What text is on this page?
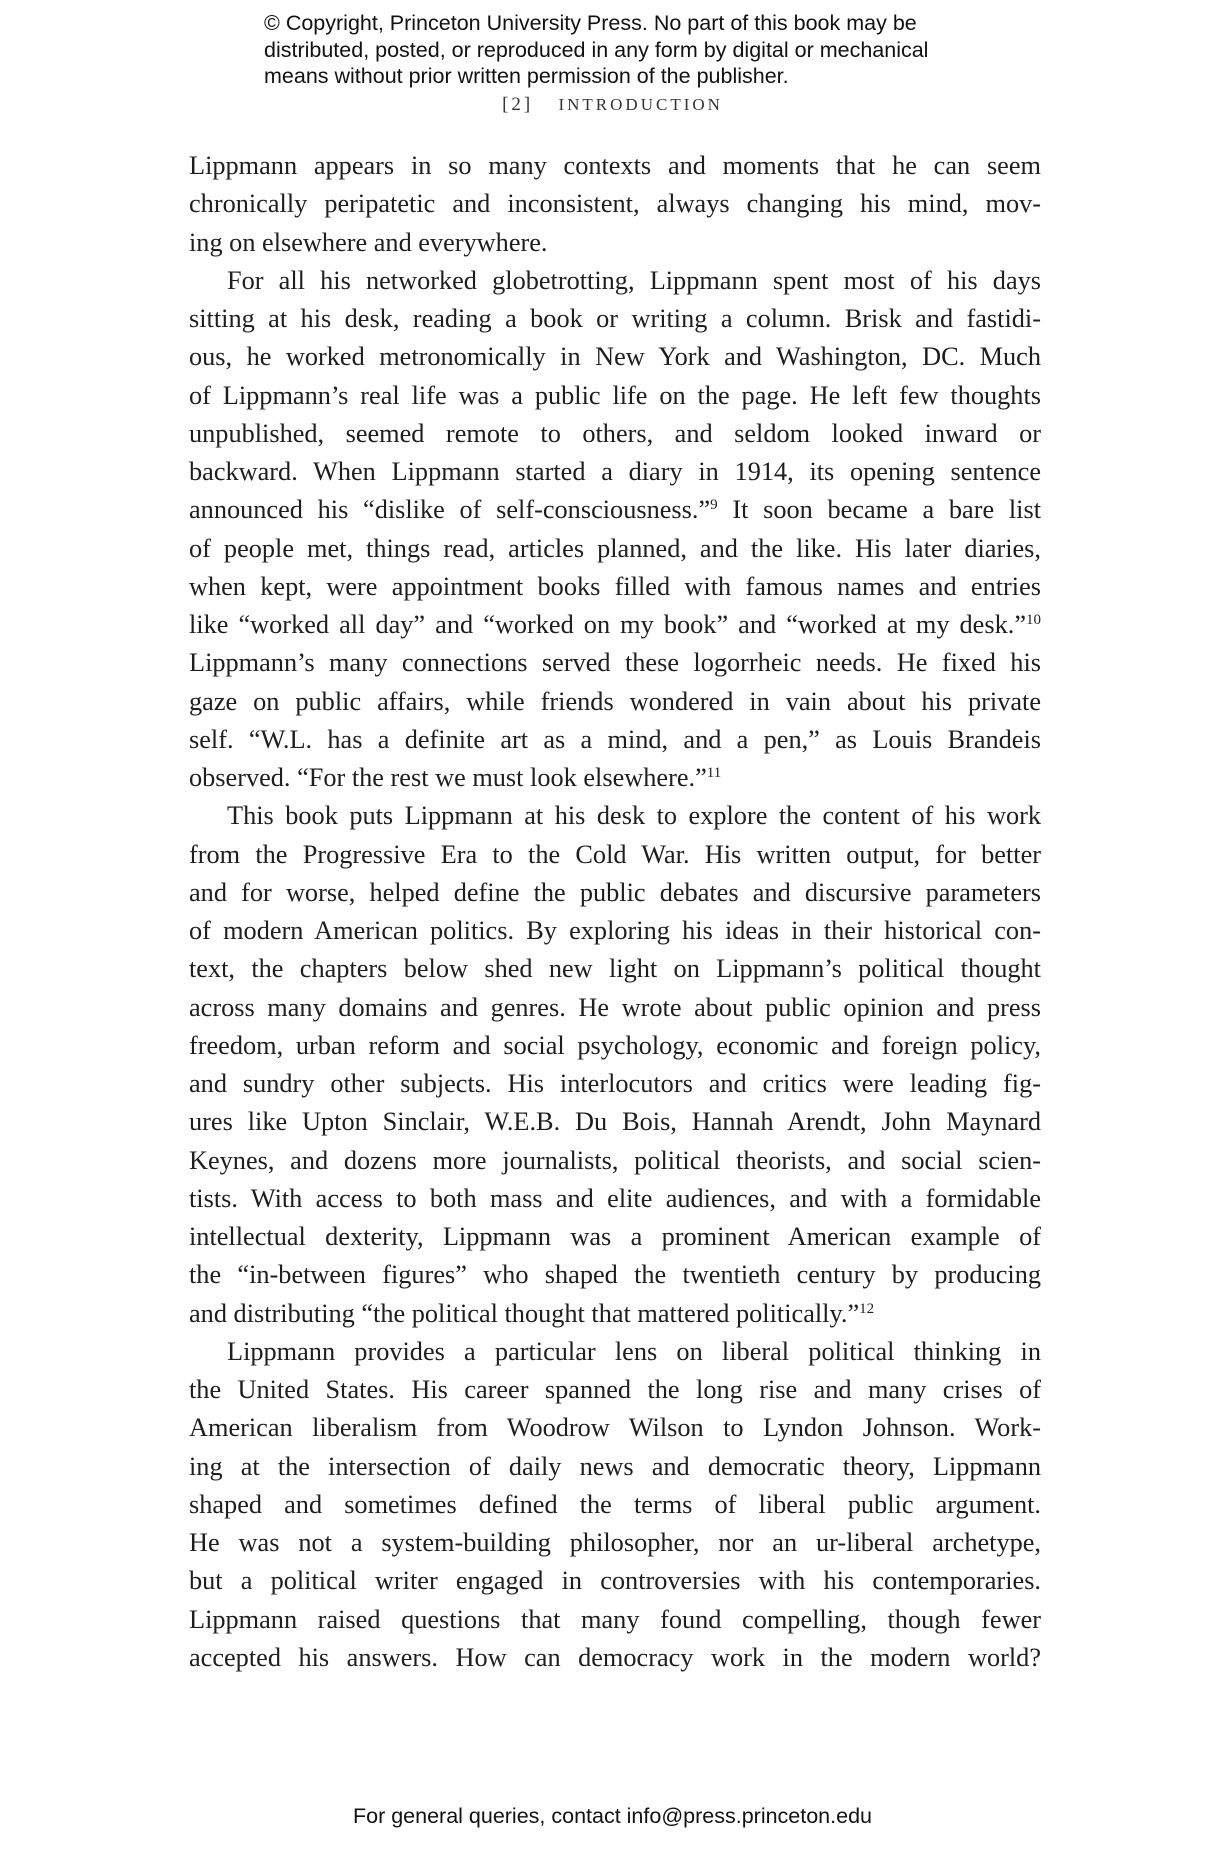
© Copyright, Princeton University Press. No part of this book may be
distributed, posted, or reproduced in any form by digital or mechanical
means without prior written permission of the publisher.
[2] INTRODUCTION
Lippmann appears in so many contexts and moments that he can seem
chronically peripatetic and inconsistent, always changing his mind, mov-
ing on elsewhere and everywhere.
For all his networked globetrotting, Lippmann spent most of his days
sitting at his desk, reading a book or writing a column. Brisk and fastidi-
ous, he worked metronomically in New York and Washington, DC. Much
of Lippmann’s real life was a public life on the page. He left few thoughts
unpublished, seemed remote to others, and seldom looked inward or
backward. When Lippmann started a diary in 1914, its opening sentence
announced his “dislike of self-consciousness.”$^9$ It soon became a bare list
of people met, things read, articles planned, and the like. His later diaries,
when kept, were appointment books filled with famous names and entries
like “worked all day” and “worked on my book” and “worked at my desk.”$^{10}$
Lippmann’s many connections served these logorrheic needs. He fixed his
gaze on public affairs, while friends wondered in vain about his private
self. “W.L. has a definite art as a mind, and a pen,” as Louis Brandeis
observed. “For the rest we must look elsewhere.”$^{11}$
This book puts Lippmann at his desk to explore the content of his work
from the Progressive Era to the Cold War. His written output, for better
and for worse, helped define the public debates and discursive parameters
of modern American politics. By exploring his ideas in their historical con-
text, the chapters below shed new light on Lippmann’s political thought
across many domains and genres. He wrote about public opinion and press
freedom, urban reform and social psychology, economic and foreign policy,
and sundry other subjects. His interlocutors and critics were leading fig-
ures like Upton Sinclair, W.E.B. Du Bois, Hannah Arendt, John Maynard
Keynes, and dozens more journalists, political theorists, and social scien-
tists. With access to both mass and elite audiences, and with a formidable
intellectual dexterity, Lippmann was a prominent American example of
the “in-between figures” who shaped the twentieth century by producing
and distributing “the political thought that mattered politically.”$^{12}$
Lippmann provides a particular lens on liberal political thinking in
the United States. His career spanned the long rise and many crises of
American liberalism from Woodrow Wilson to Lyndon Johnson. Work-
ing at the intersection of daily news and democratic theory, Lippmann
shaped and sometimes defined the terms of liberal public argument.
He was not a system-building philosopher, nor an ur-liberal archetype,
but a political writer engaged in controversies with his contemporaries.
Lippmann raised questions that many found compelling, though fewer
accepted his answers. How can democracy work in the modern world?
For general queries, contact info@press.princeton.edu
